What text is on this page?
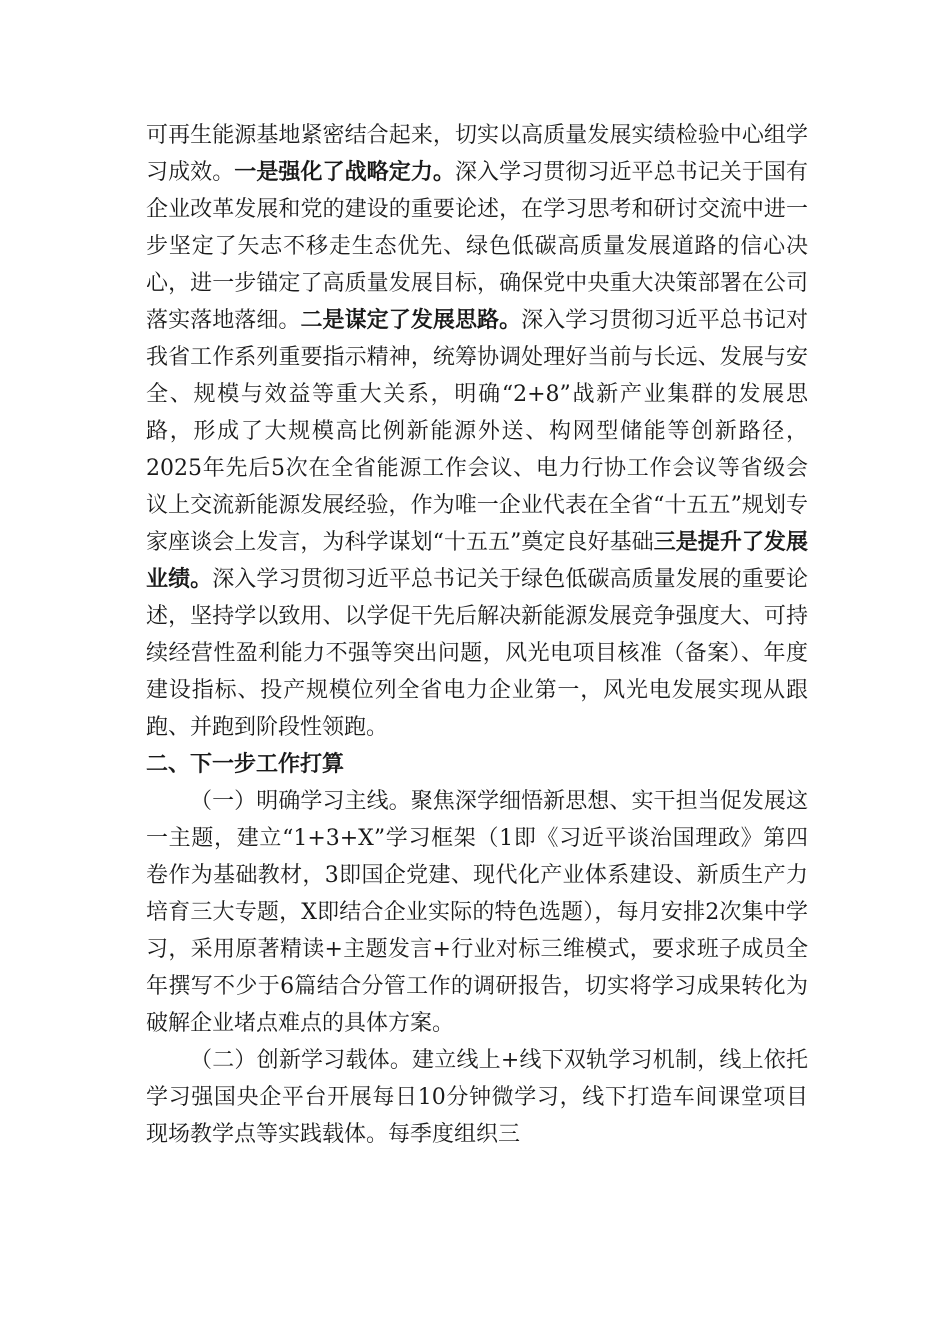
可再生能源基地紧密结合起来，切实以高质量发展实绩检验中心组学习成效。一是强化了战略定力。深入学习贯彻习近平总书记关于国有企业改革发展和党的建设的重要论述，在学习思考和研讨交流中进一步坚定了矢志不移走生态优先、绿色低碳高质量发展道路的信心决心，进一步锚定了高质量发展目标，确保党中央重大决策部署在公司落实落地落细。二是谋定了发展思路。深入学习贯彻习近平总书记对我省工作系列重要指示精神，统筹协调处理好当前与长远、发展与安全、规模与效益等重大关系，明确“2+8”战新产业集群的发展思路，形成了大规模高比例新能源外送、构网型储能等创新路径，2025年先后5次在全省能源工作会议、电力行协工作会议等省级会议上交流新能源发展经验，作为唯一企业代表在全省“十五五”规划专家座谈会上发言，为科学谋划“十五五”奠定良好基础三是提升了发展业绩。深入学习贯彻习近平总书记关于绿色低碳高质量发展的重要论述，坚持学以致用、以学促干先后解决新能源发展竞争强度大、可持续经营性盈利能力不强等突出问题，风光电项目核准（备案）、年度建设指标、投产规模位列全省电力企业第一，风光电发展实现从跟跑、并跑到阶段性领跑。

二、下一步工作打算

（一）明确学习主线。聚焦深学细悟新思想、实干担当促发展这一主题，建立“1+3+X”学习框架（1即《习近平谈治国理政》第四卷作为基础教材，3即国企党建、现代化产业体系建设、新质生产力培育三大专题，X即结合企业实际的特色选题），每月安排2次集中学习，采用原著精读+主题发言+行业对标三维模式，要求班子成员全年撰写不少于6篇结合分管工作的调研报告，切实将学习成果转化为破解企业堵点难点的具体方案。

（二）创新学习载体。建立线上+线下双轨学习机制，线上依托学习强国央企平台开展每日10分钟微学习，线下打造车间课堂项目现场教学点等实践载体。每季度组织三
